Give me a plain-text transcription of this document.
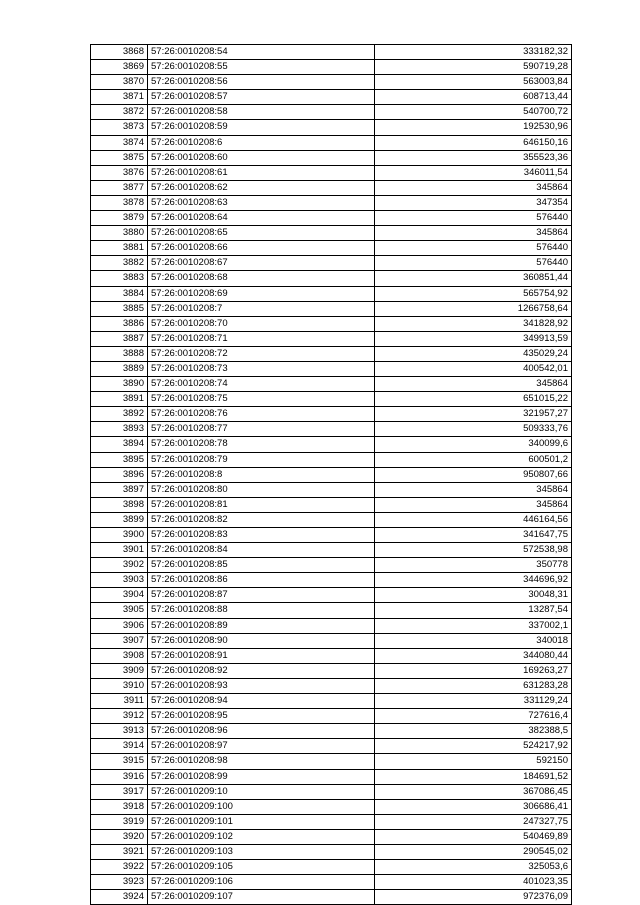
3868	57:26:0010208:54	333182,32
3869	57:26:0010208:55	590719,28
3870	57:26:0010208:56	563003,84
3871	57:26:0010208:57	608713,44
3872	57:26:0010208:58	540700,72
3873	57:26:0010208:59	192530,96
3874	57:26:0010208:6	646150,16
3875	57:26:0010208:60	355523,36
3876	57:26:0010208:61	346011,54
3877	57:26:0010208:62	345864
3878	57:26:0010208:63	347354
3879	57:26:0010208:64	576440
3880	57:26:0010208:65	345864
3881	57:26:0010208:66	576440
3882	57:26:0010208:67	576440
3883	57:26:0010208:68	360851,44
3884	57:26:0010208:69	565754,92
3885	57:26:0010208:7	1266758,64
3886	57:26:0010208:70	341828,92
3887	57:26:0010208:71	349913,59
3888	57:26:0010208:72	435029,24
3889	57:26:0010208:73	400542,01
3890	57:26:0010208:74	345864
3891	57:26:0010208:75	651015,22
3892	57:26:0010208:76	321957,27
3893	57:26:0010208:77	509333,76
3894	57:26:0010208:78	340099,6
3895	57:26:0010208:79	600501,2
3896	57:26:0010208:8	950807,66
3897	57:26:0010208:80	345864
3898	57:26:0010208:81	345864
3899	57:26:0010208:82	446164,56
3900	57:26:0010208:83	341647,75
3901	57:26:0010208:84	572538,98
3902	57:26:0010208:85	350778
3903	57:26:0010208:86	344696,92
3904	57:26:0010208:87	30048,31
3905	57:26:0010208:88	13287,54
3906	57:26:0010208:89	337002,1
3907	57:26:0010208:90	340018
3908	57:26:0010208:91	344080,44
3909	57:26:0010208:92	169263,27
3910	57:26:0010208:93	631283,28
3911	57:26:0010208:94	331129,24
3912	57:26:0010208:95	727616,4
3913	57:26:0010208:96	382388,5
3914	57:26:0010208:97	524217,92
3915	57:26:0010208:98	592150
3916	57:26:0010208:99	184691,52
3917	57:26:0010209:10	367086,45
3918	57:26:0010209:100	306686,41
3919	57:26:0010209:101	247327,75
3920	57:26:0010209:102	540469,89
3921	57:26:0010209:103	290545,02
3922	57:26:0010209:105	325053,6
3923	57:26:0010209:106	401023,35
3924	57:26:0010209:107	972376,09
